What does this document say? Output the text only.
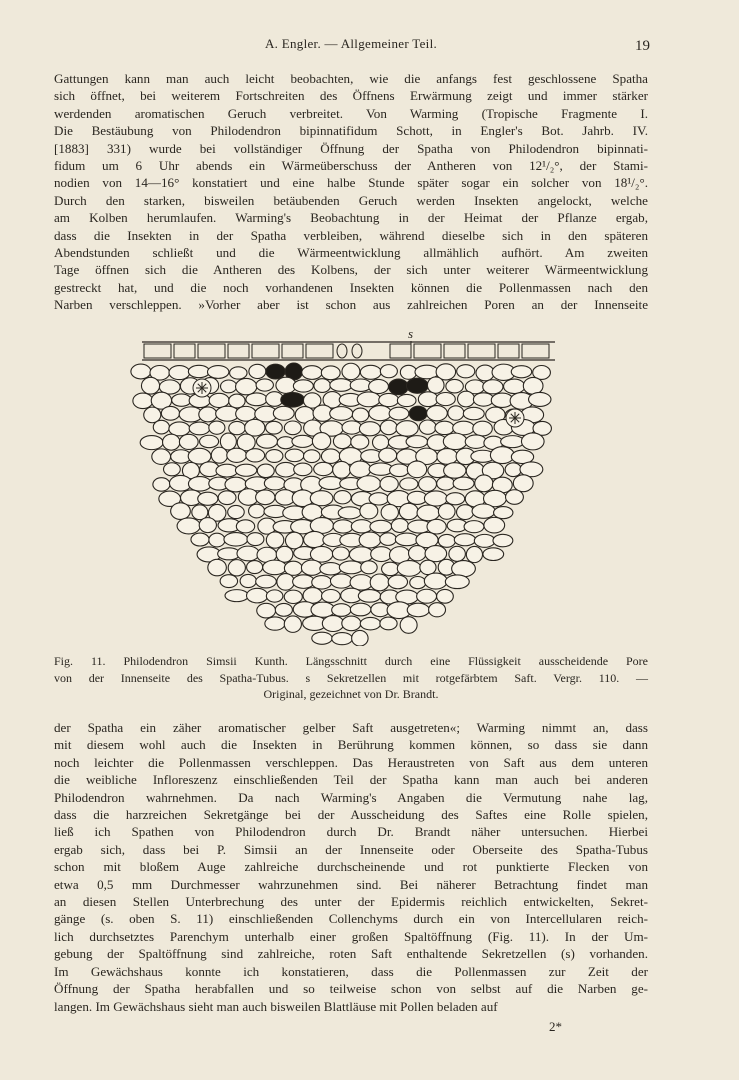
A. Engler. — Allgemeiner Teil.	19
Gattungen kann man auch leicht beobachten, wie die anfangs fest geschlossene Spatha
sich öffnet, bei weiterem Fortschreiten des Öffnens Erwärmung zeigt und immer stärker
werdenden aromatischen Geruch verbreitet. Von Warming (Tropische Fragmente I.
Die Bestäubung von Philodendron bipinnatifidum Schott, in Engler's Bot. Jahrb. IV.
[1883] 331) wurde bei vollständiger Öffnung der Spatha von Philodendron bipinnati-
fidum um 6 Uhr abends ein Wärmeüberschuss der Antheren von 12¹/₂°, der Stami-
nodien von 14—16° konstatiert und eine halbe Stunde später sogar ein solcher von 18¹/₂°.
Durch den starken, bisweilen betäubenden Geruch werden Insekten angelockt, welche
am Kolben herumlaufen. Warming's Beobachtung in der Heimat der Pflanze ergab,
dass die Insekten in der Spatha verbleiben, während dieselbe sich in den späteren
Abendstunden schließt und die Wärmeentwicklung allmählich aufhört. Am zweiten
Tage öffnen sich die Antheren des Kolbens, der sich unter weiterer Wärmeentwicklung
gestreckt hat, und die noch vorhandenen Insekten können die Pollenmassen nach den
Narben verschleppen. »Vorher aber ist schon aus zahlreichen Poren an der Innenseite
s
Fig. 11. Philodendron Simsii Kunth. Längsschnitt durch eine Flüssigkeit ausscheidende Pore
von der Innenseite des Spatha-Tubus. s Sekretzellen mit rotgefärbtem Saft. Vergr. 110. —
Original, gezeichnet von Dr. Brandt.
der Spatha ein zäher aromatischer gelber Saft ausgetreten«; Warming nimmt an, dass
mit diesem wohl auch die Insekten in Berührung kommen können, so dass sie dann
noch leichter die Pollenmassen verschleppen. Das Heraustreten von Saft aus dem unteren
die weibliche Infloreszenz einschließenden Teil der Spatha kann man auch bei anderen
Philodendron wahrnehmen. Da nach Warming's Angaben die Vermutung nahe lag,
dass die harzreichen Sekretgänge bei der Ausscheidung des Saftes eine Rolle spielen,
ließ ich Spathen von Philodendron durch Dr. Brandt näher untersuchen. Hierbei
ergab sich, dass bei P. Simsii an der Innenseite oder Oberseite des Spatha-Tubus
schon mit bloßem Auge zahlreiche durchscheinende und rot punktierte Flecken von
etwa 0,5 mm Durchmesser wahrzunehmen sind. Bei näherer Betrachtung findet man
an diesen Stellen Unterbrechung des unter der Epidermis reichlich entwickelten, Sekret-
gänge (s. oben S. 11) einschließenden Collenchyms durch ein von Intercellularen reich-
lich durchsetztes Parenchym unterhalb einer großen Spaltöffnung (Fig. 11). In der Um-
gebung der Spaltöffnung sind zahlreiche, roten Saft enthaltende Sekretzellen (s) vorhanden.
Im Gewächshaus konnte ich konstatieren, dass die Pollenmassen zur Zeit der
Öffnung der Spatha herabfallen und so teilweise schon von selbst auf die Narben ge-
langen. Im Gewächshaus sieht man auch bisweilen Blattläuse mit Pollen beladen auf
2*
